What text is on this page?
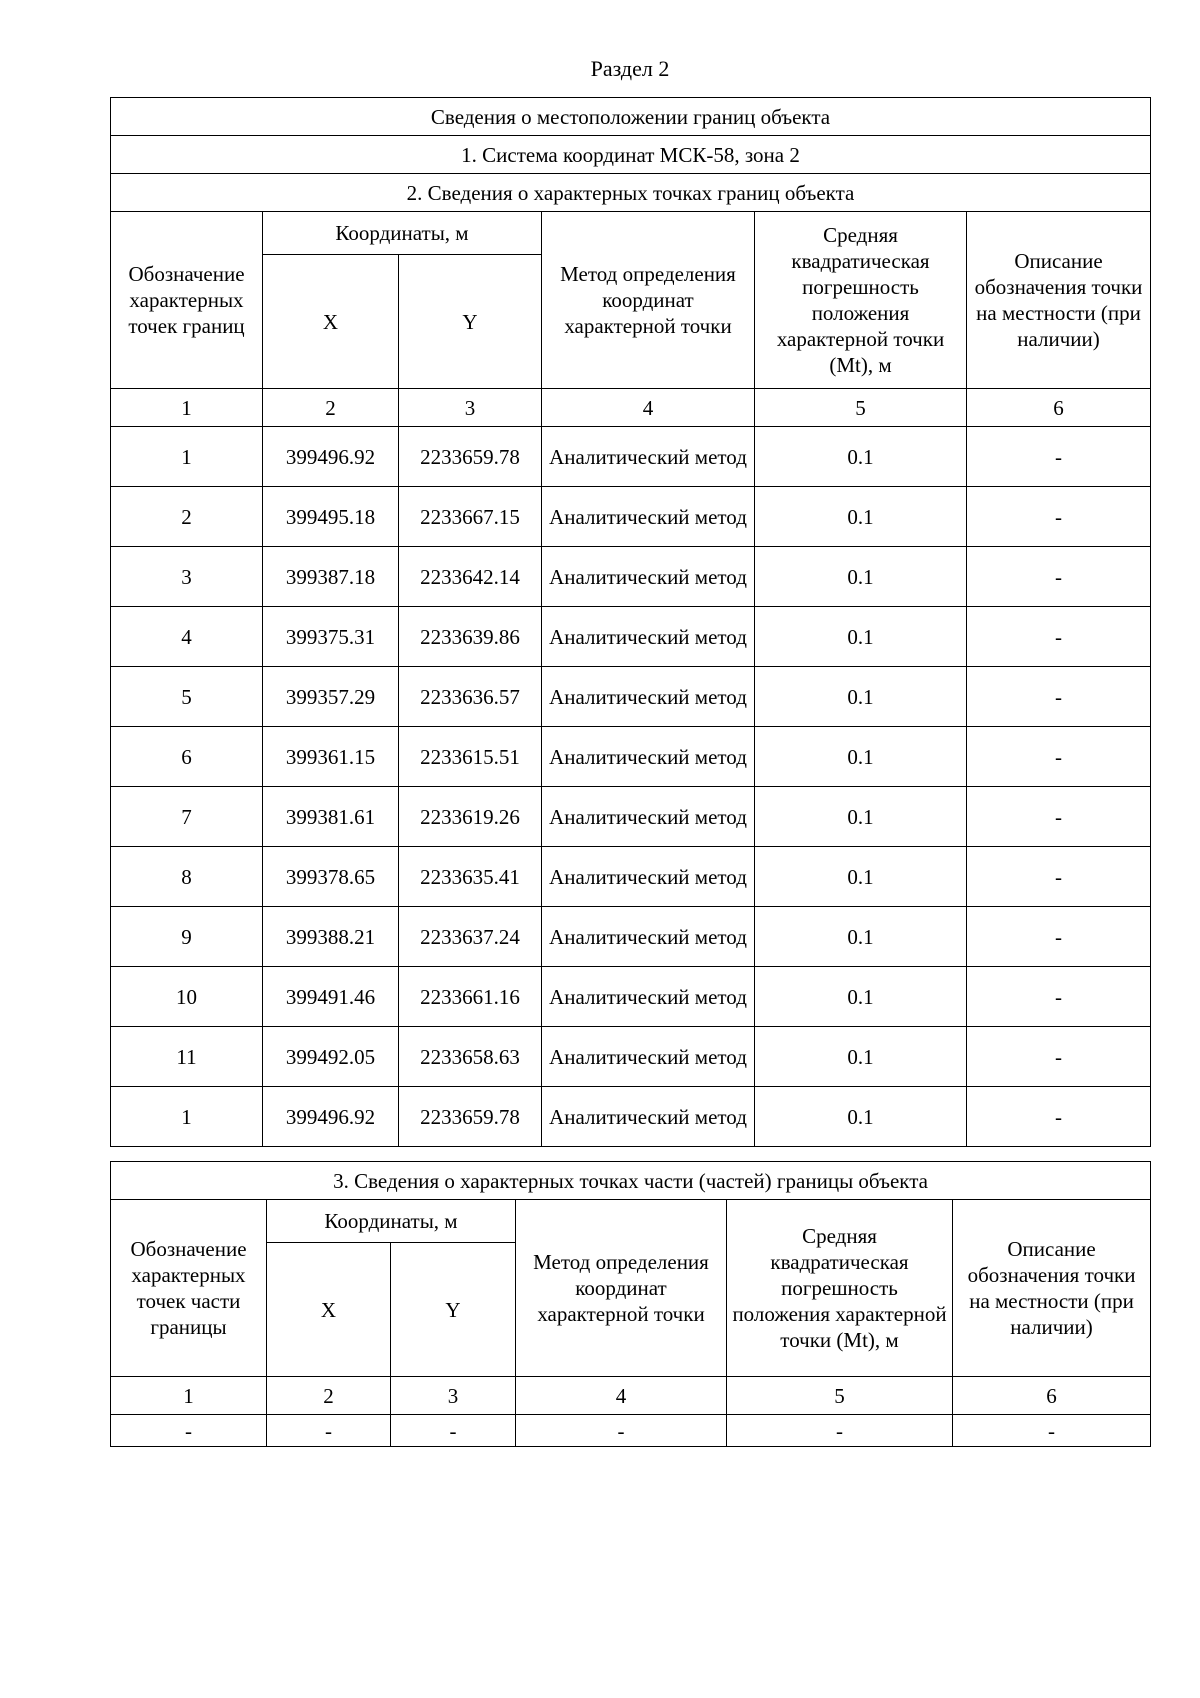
Раздел 2
Сведения о местоположении границ объекта					
1. Система координат МСК-58, зона 2					
2. Сведения о характерных точках границ объекта					
Обозначение характерных точек границ	Координаты, м		Метод определения координат характерной точки	Средняя квадратическая погрешность положения характерной точки (Mt), м	Описание обозначения точки на местности (при наличии)
	X	Y			
1	2	3	4	5	6
1	399496.92	2233659.78	Аналитический метод	0.1	-
2	399495.18	2233667.15	Аналитический метод	0.1	-
3	399387.18	2233642.14	Аналитический метод	0.1	-
4	399375.31	2233639.86	Аналитический метод	0.1	-
5	399357.29	2233636.57	Аналитический метод	0.1	-
6	399361.15	2233615.51	Аналитический метод	0.1	-
7	399381.61	2233619.26	Аналитический метод	0.1	-
8	399378.65	2233635.41	Аналитический метод	0.1	-
9	399388.21	2233637.24	Аналитический метод	0.1	-
10	399491.46	2233661.16	Аналитический метод	0.1	-
11	399492.05	2233658.63	Аналитический метод	0.1	-
1	399496.92	2233659.78	Аналитический метод	0.1	-
3. Сведения о характерных точках части (частей) границы объекта					
Обозначение характерных точек части границы	Координаты, м		Метод определения координат характерной точки	Средняя квадратическая погрешность положения характерной точки (Mt), м	Описание обозначения точки на местности (при наличии)
	X	Y			
1	2	3	4	5	6
-	-	-	-	-	-
